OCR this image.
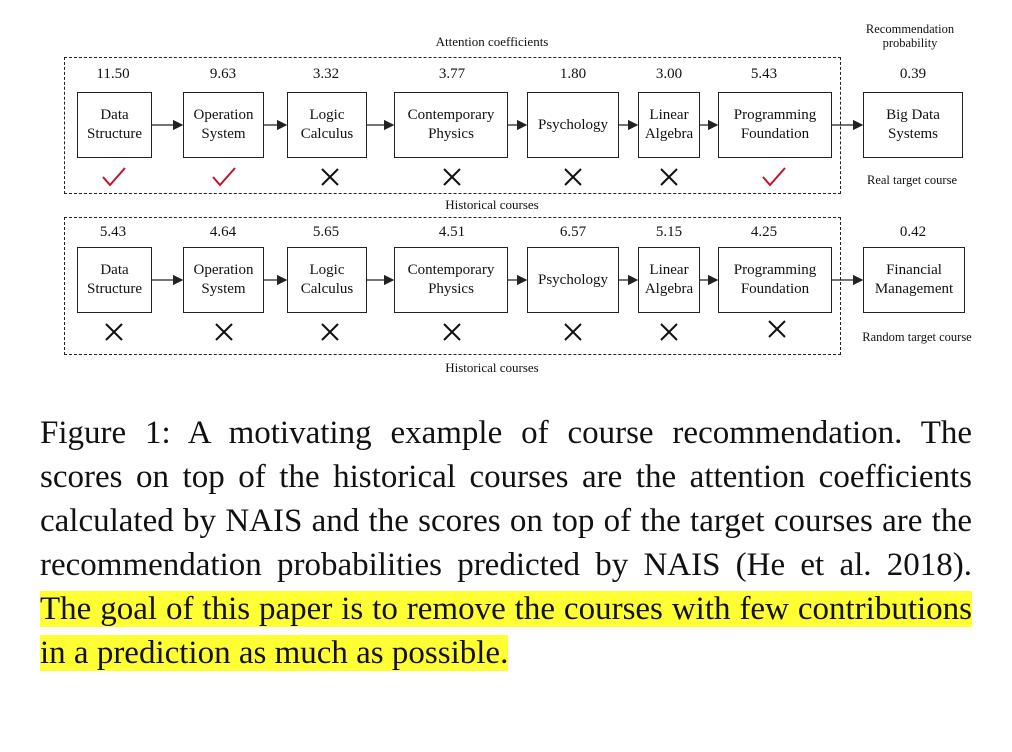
Attention coefficients
Recommendation probability
Historical courses
Historical courses
11.50	9.63	3.32	3.77	1.80	3.00	5.43	0.39
Data Structure
Operation System
Logic Calculus
Contemporary Physics
Psychology
Linear Algebra
Programming Foundation
Big Data Systems
Real target course
5.43	4.64	5.65	4.51	6.57	5.15	4.25	0.42
Data Structure
Operation System
Logic Calculus
Contemporary Physics
Psychology
Linear Algebra
Programming Foundation
Financial Management
Random target course
Figure 1: A motivating example of course recommendation. The scores on top of the historical courses are the attention coefficients calculated by NAIS and the scores on top of the target courses are the recommendation probabilities predicted by NAIS (He et al. 2018). The goal of this paper is to remove the courses with few contributions in a prediction as much as possible.
